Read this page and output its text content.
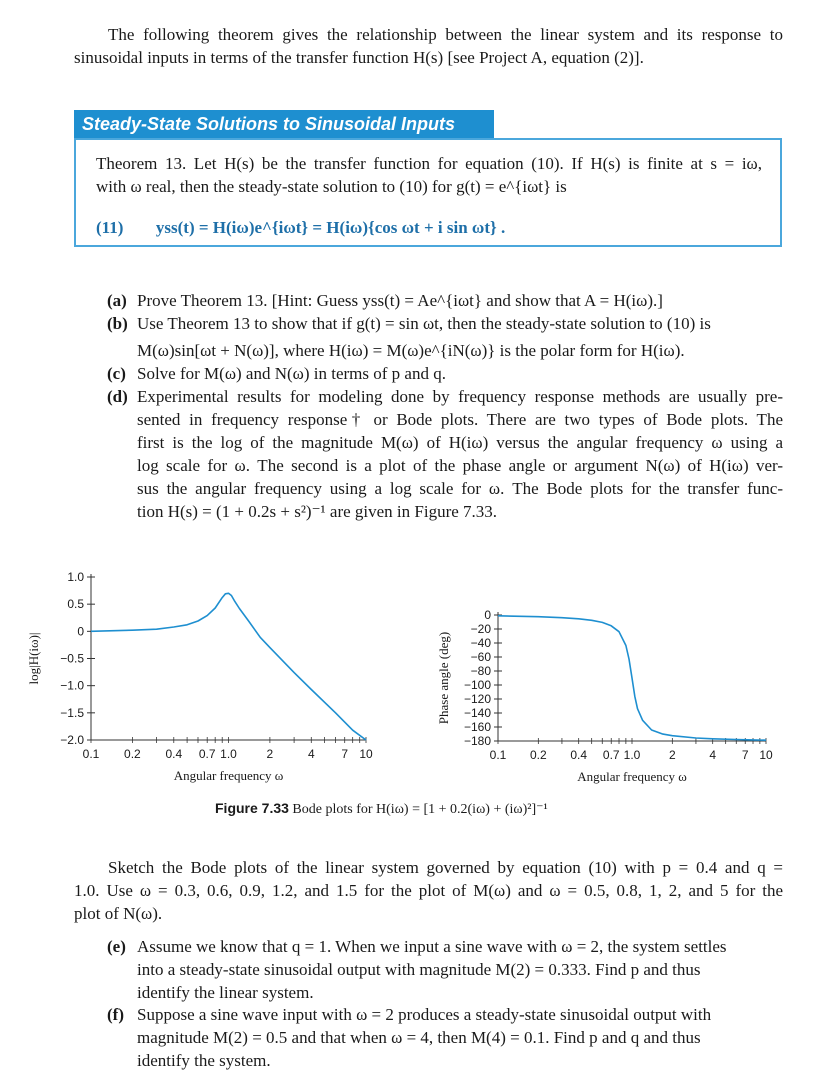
The following theorem gives the relationship between the linear system and its response to
sinusoidal inputs in terms of the transfer function H(s) [see Project A, equation (2)].
Steady-State Solutions to Sinusoidal Inputs
Theorem 13. Let H(s) be the transfer function for equation (10). If H(s) is finite at s = iω,
with ω real, then the steady-state solution to (10) for g(t) = e^{iωt} is
(11) yss(t) = H(iω)e^{iωt} = H(iω){cos ωt + i sin ωt} .
(a) Prove Theorem 13. [Hint: Guess yss(t) = Ae^{iωt} and show that A = H(iω).]
(b) Use Theorem 13 to show that if g(t) = sin ωt, then the steady-state solution to (10) is
M(ω)sin[ωt + N(ω)], where H(iω) = M(ω)e^{iN(ω)} is the polar form for H(iω).
(c) Solve for M(ω) and N(ω) in terms of p and q.
(d) Experimental results for modeling done by frequency response methods are usually pre-
sented in frequency response† or Bode plots. There are two types of Bode plots. The
first is the log of the magnitude M(ω) of H(iω) versus the angular frequency ω using a
log scale for ω. The second is a plot of the phase angle or argument N(ω) of H(iω) ver-
sus the angular frequency using a log scale for ω. The Bode plots for the transfer func-
tion H(s) = (1 + 0.2s + s²)⁻¹ are given in Figure 7.33.
1.0
0.5
0
−0.5
−1.0
−1.5
−2.0
0.1 0.2 0.4 0.7 1.0 2	4 7 10
Angular frequency ω
log|H(iω)|
0
−20
−40
−60
−80
−100
−120
−140
−160
−180
0.1 0.2 0.4 0.7 1.0 2	4 7 10
Angular frequency ω
Phase angle (deg)
Figure 7.33 Bode plots for H(iω) = [1 + 0.2(iω) + (iω)²]⁻¹
Sketch the Bode plots of the linear system governed by equation (10) with p = 0.4 and q =
1.0. Use ω = 0.3, 0.6, 0.9, 1.2, and 1.5 for the plot of M(ω) and ω = 0.5, 0.8, 1, 2, and 5 for the
plot of N(ω).
(e) Assume we know that q = 1. When we input a sine wave with ω = 2, the system settles
into a steady-state sinusoidal output with magnitude M(2) = 0.333. Find p and thus
identify the linear system.
(f) Suppose a sine wave input with ω = 2 produces a steady-state sinusoidal output with
magnitude M(2) = 0.5 and that when ω = 4, then M(4) = 0.1. Find p and q and thus
identify the system.
